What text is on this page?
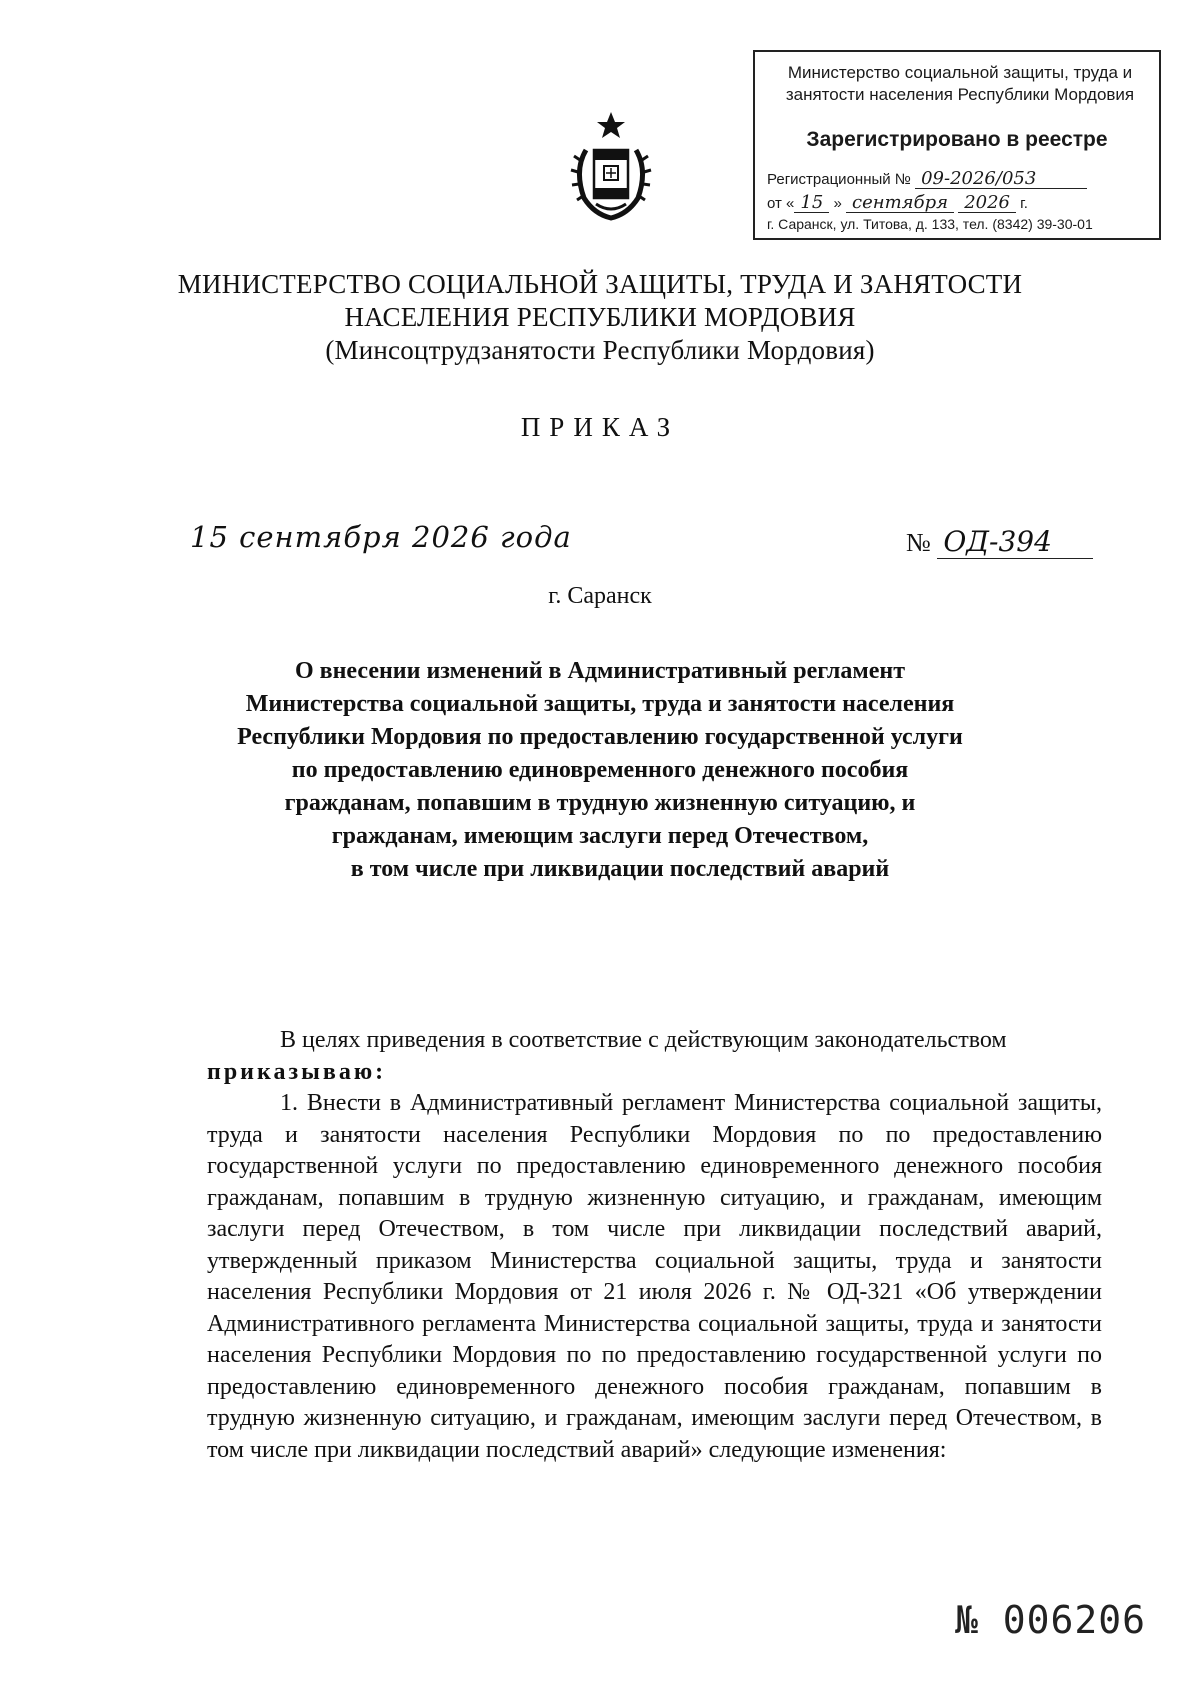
Министерство социальной защиты, труда и занятости населения Республики Мордовия
Зарегистрировано в реестре
Регистрационный № 09-2026/053
от « 15 » сентября 2026 г.
г. Саранск, ул. Титова, д. 133, тел. (8342) 39-30-01
МИНИСТЕРСТВО СОЦИАЛЬНОЙ ЗАЩИТЫ, ТРУДА И ЗАНЯТОСТИ
НАСЕЛЕНИЯ РЕСПУБЛИКИ МОРДОВИЯ
(Минсоцтрудзанятости Республики Мордовия)
ПРИКАЗ
15 сентября 2026 года	№ ОД-394
г. Саранск
О внесении изменений в Административный регламент
Министерства социальной защиты, труда и занятости населения
Республики Мордовия по предоставлению государственной услуги
по предоставлению единовременного денежного пособия
гражданам, попавшим в трудную жизненную ситуацию, и
гражданам, имеющим заслуги перед Отечеством,
в том числе при ликвидации последствий аварий

В целях приведения в соответствие с действующим законодательством

приказываю:

1. Внести в Административный регламент Министерства социальной защиты, труда и занятости населения Республики Мордовия по по предоставлению государственной услуги по предоставлению единовременного денежного пособия гражданам, попавшим в трудную жизненную ситуацию, и гражданам, имеющим заслуги перед Отечеством, в том числе при ликвидации последствий аварий, утвержденный приказом Министерства социальной защиты, труда и занятости населения Республики Мордовия от 21 июля 2026 г. № ОД-321 «Об утверждении Административного регламента Министерства социальной защиты, труда и занятости населения Республики Мордовия по по предоставлению государственной услуги по предоставлению единовременного денежного пособия гражданам, попавшим в трудную жизненную ситуацию, и гражданам, имеющим заслуги перед Отечеством, в том числе при ликвидации последствий аварий» следующие изменения:

№ 006206
